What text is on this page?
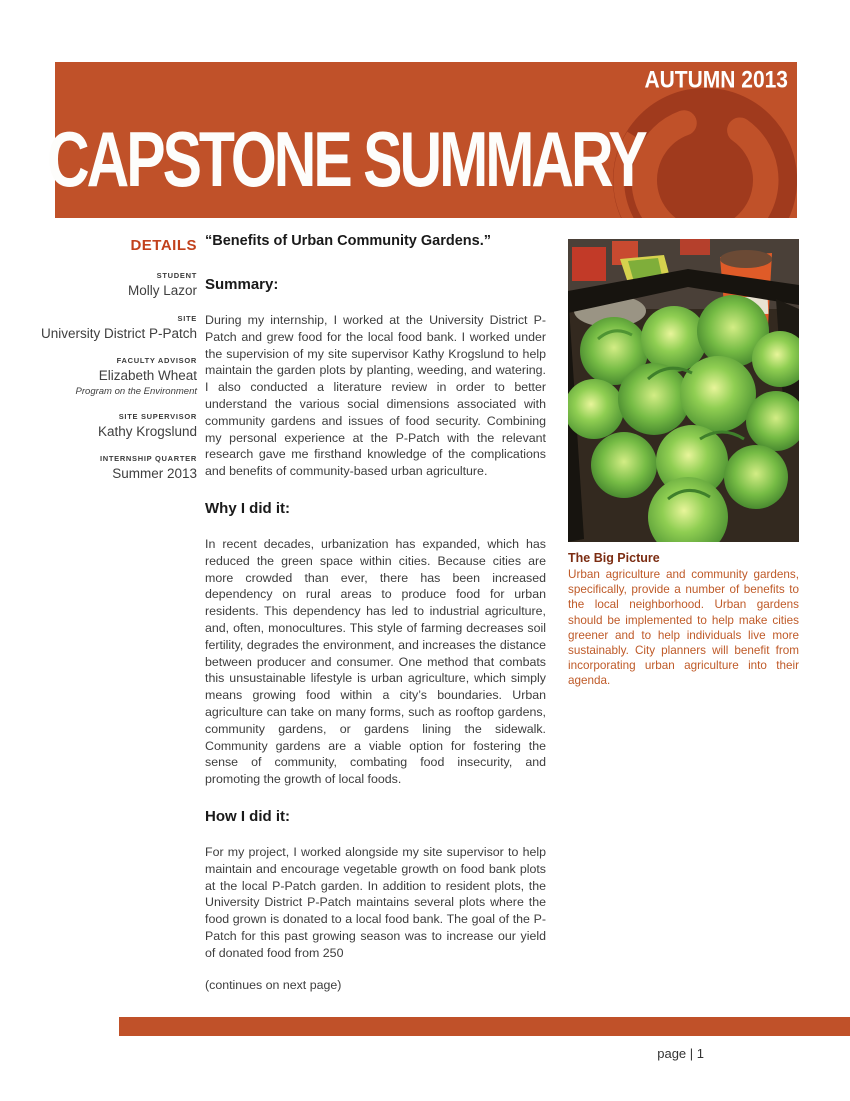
AUTUMN 2013
CAPSTONE SUMMARY
DETAILS
STUDENT
Molly Lazor
SITE
University District P-Patch
FACULTY ADVISOR
Elizabeth Wheat
Program on the Environment
SITE SUPERVISOR
Kathy Krogslund
INTERNSHIP QUARTER
Summer 2013
“Benefits of Urban Community Gardens.”
Summary:

During my internship, I worked at the University District P-Patch and grew food for the local food bank. I worked under the supervision of my site supervisor Kathy Krogslund to help maintain the garden plots by planting, weeding, and watering. I also conducted a literature review in order to better understand the various social dimensions associated with community gardens and issues of food security. Combining my personal experience at the P-Patch with the relevant research gave me firsthand knowledge of the complications and benefits of community-based urban agriculture.

Why I did it:

In recent decades, urbanization has expanded, which has reduced the green space within cities. Because cities are more crowded than ever, there has been increased dependency on rural areas to produce food for urban residents. This dependency has led to industrial agriculture, and, often, monocultures. This style of farming decreases soil fertility, degrades the environment, and increases the distance between producer and consumer. One method that combats this unsustainable lifestyle is urban agriculture, which simply means growing food within a city’s boundaries. Urban agriculture can take on many forms, such as rooftop gardens, community gardens, or gardens lining the sidewalk. Community gardens are a viable option for fostering the sense of community, combating food insecurity, and promoting the growth of local foods.

How I did it:

For my project, I worked alongside my site supervisor to help maintain and encourage vegetable growth on food bank plots at the local P-Patch garden. In addition to resident plots, the University District P-Patch maintains several plots where the food grown is donated to a local food bank. The goal of the P-Patch for this past growing season was to increase our yield of donated food from 250

(continues on next page)
The Big Picture
Urban agriculture and community gardens, specifically, provide a number of benefits to the local neighborhood. Urban gardens should be implemented to help make cities greener and to help individuals live more sustainably. City planners will benefit from incorporating urban agriculture into their agenda.
page | 1
